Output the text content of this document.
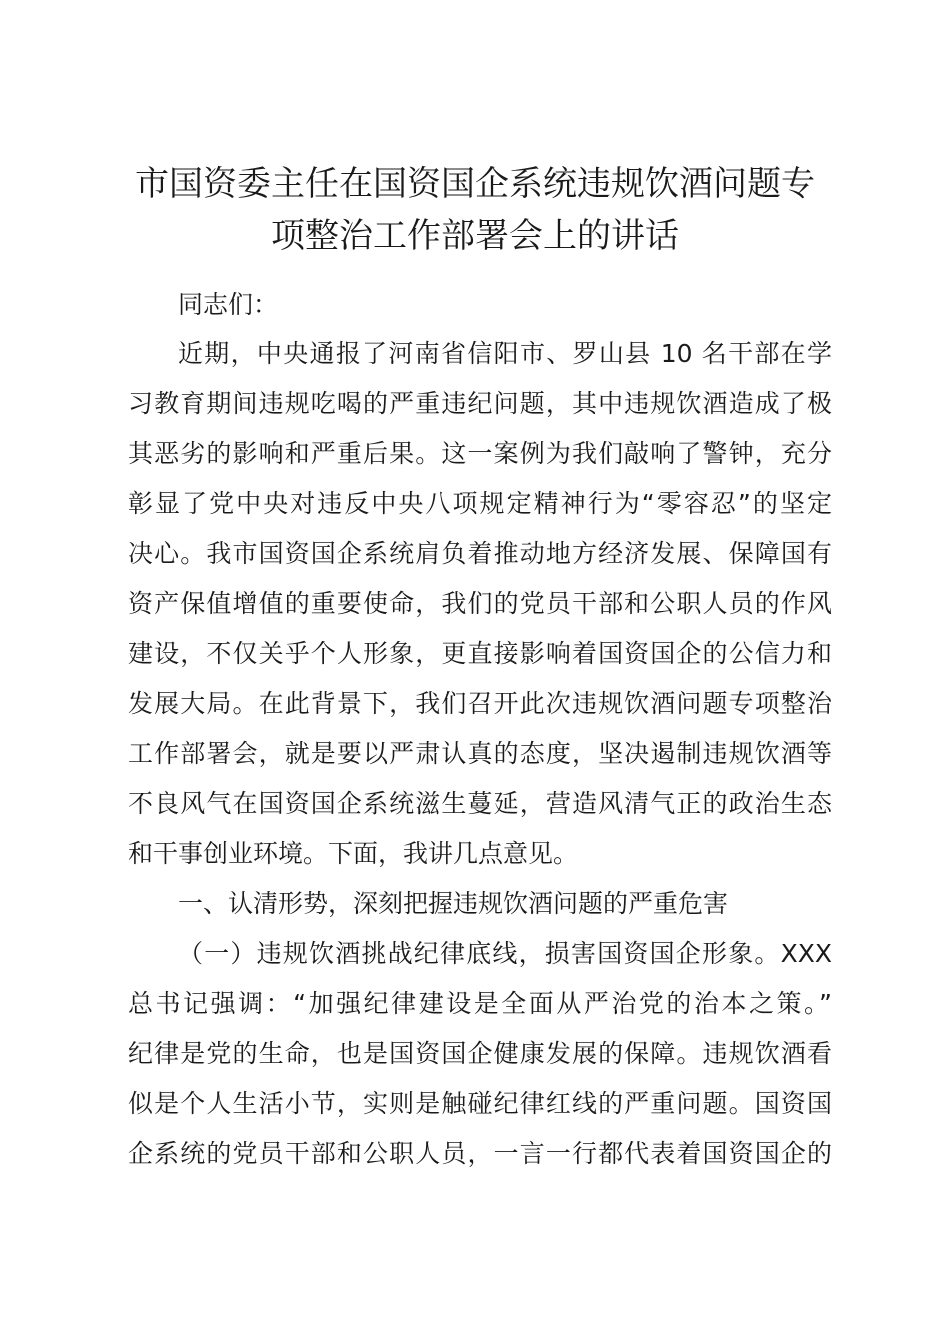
市国资委主任在国资国企系统违规饮酒问题专
项整治工作部署会上的讲话
同志们：
近期，中央通报了河南省信阳市、罗山县 10 名干部在学
习教育期间违规吃喝的严重违纪问题，其中违规饮酒造成了极
其恶劣的影响和严重后果。这一案例为我们敲响了警钟，充分
彰显了党中央对违反中央八项规定精神行为“零容忍”的坚定
决心。我市国资国企系统肩负着推动地方经济发展、保障国有
资产保值增值的重要使命，我们的党员干部和公职人员的作风
建设，不仅关乎个人形象，更直接影响着国资国企的公信力和
发展大局。在此背景下，我们召开此次违规饮酒问题专项整治
工作部署会，就是要以严肃认真的态度，坚决遏制违规饮酒等
不良风气在国资国企系统滋生蔓延，营造风清气正的政治生态
和干事创业环境。下面，我讲几点意见。
一、认清形势，深刻把握违规饮酒问题的严重危害
（一）违规饮酒挑战纪律底线，损害国资国企形象。XXX
总书记强调：“加强纪律建设是全面从严治党的治本之策。”
纪律是党的生命，也是国资国企健康发展的保障。违规饮酒看
似是个人生活小节，实则是触碰纪律红线的严重问题。国资国
企系统的党员干部和公职人员，一言一行都代表着国资国企的
